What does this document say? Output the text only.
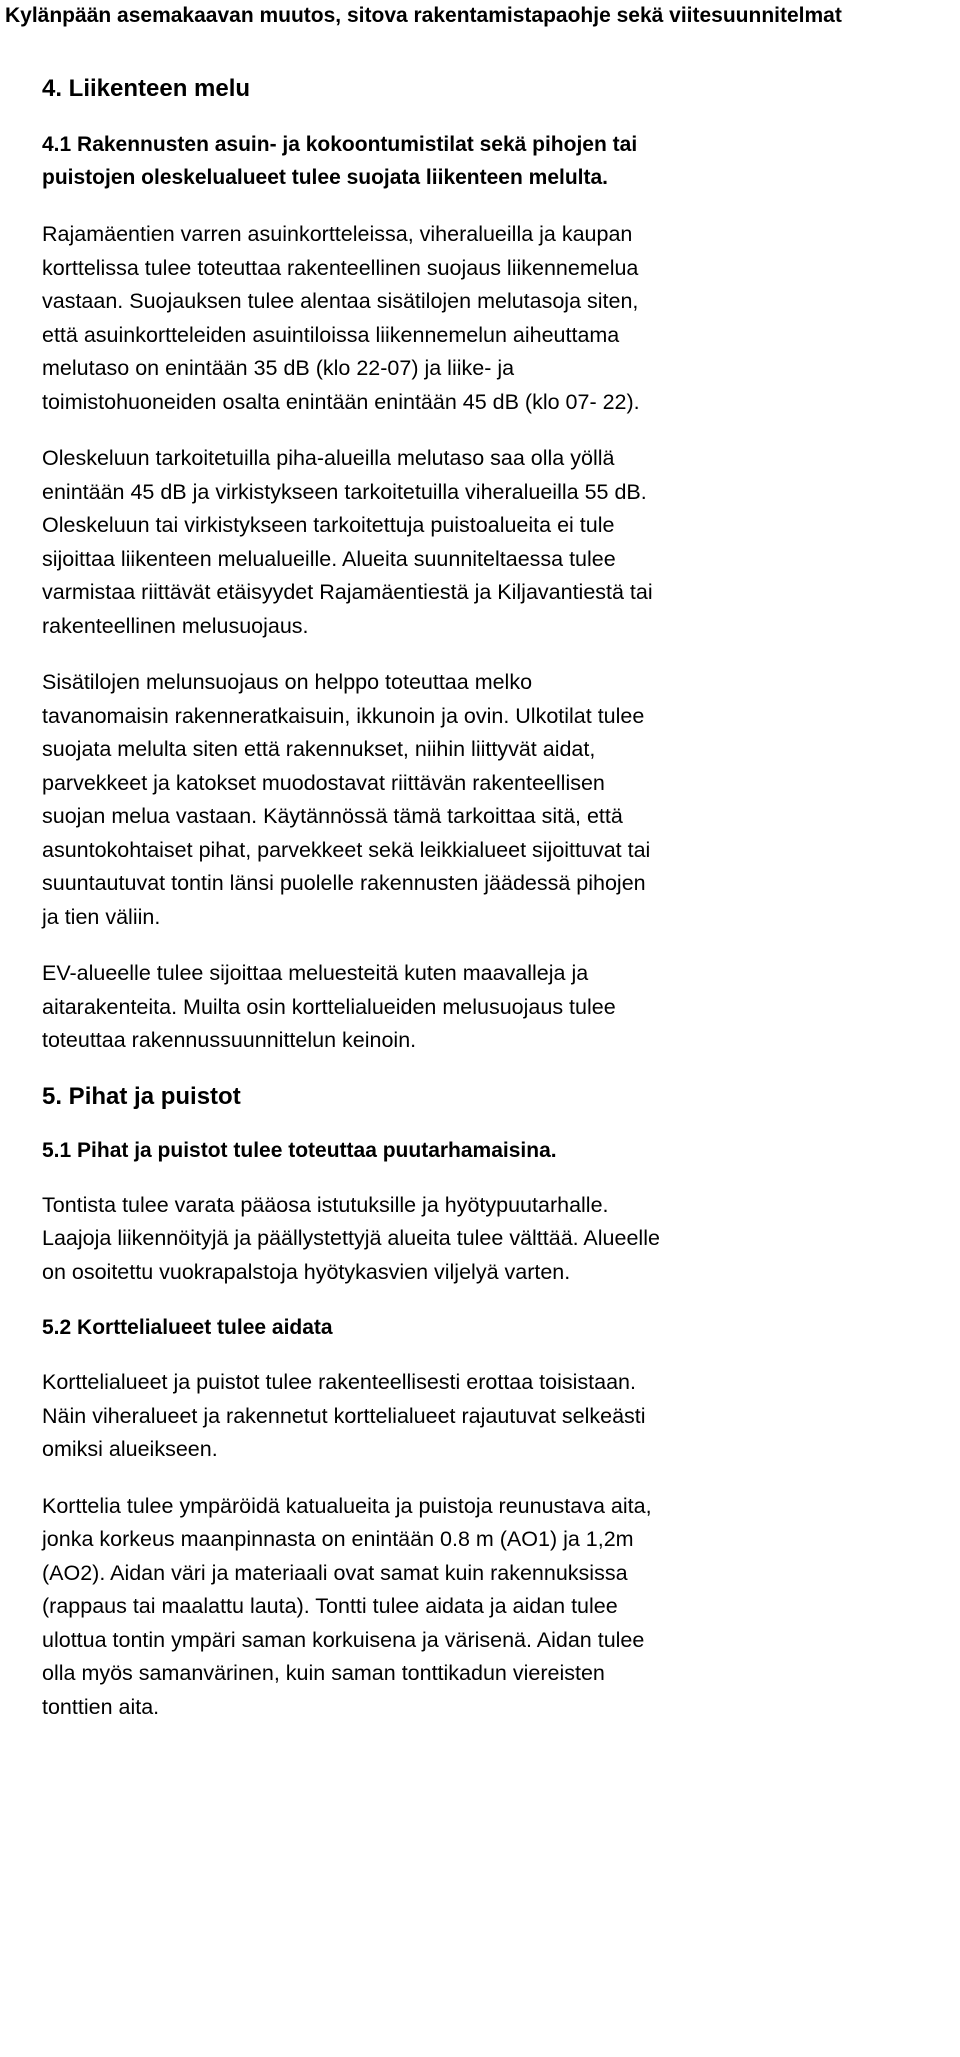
Kylänpään asemakaavan muutos, sitova rakentamistapaohje sekä viitesuunnitelmat
4. Liikenteen melu
4.1 Rakennusten asuin- ja kokoontumistilat sekä pihojen tai puistojen oleskelualueet tulee suojata liikenteen melulta.

Rajamäentien varren asuinkortteleissa, viheralueilla ja kaupan korttelissa tulee toteuttaa rakenteellinen suojaus liikennemelua vastaan. Suojauksen tulee alentaa sisätilojen melutasoja siten, että asuinkortteleiden asuintiloissa liikennemelun aiheuttama melutaso on enintään 35 dB (klo 22-07) ja liike- ja toimistohuoneiden osalta enintään enintään 45 dB (klo 07- 22).

Oleskeluun tarkoitetuilla piha-alueilla melutaso saa olla yöllä enintään 45 dB ja virkistykseen tarkoitetuilla viheralueilla 55 dB. Oleskeluun tai virkistykseen tarkoitettuja puistoalueita ei tule sijoittaa liikenteen melualueille. Alueita suunniteltaessa tulee varmistaa riittävät etäisyydet Rajamäentiestä ja Kiljavantiestä tai rakenteellinen melusuojaus.

Sisätilojen melunsuojaus on helppo toteuttaa melko tavanomaisin rakenneratkaisuin, ikkunoin ja ovin. Ulkotilat tulee suojata melulta siten että rakennukset, niihin liittyvät aidat, parvekkeet ja katokset muodostavat riittävän rakenteellisen suojan melua vastaan. Käytännössä tämä tarkoittaa sitä, että asuntokohtaiset pihat, parvekkeet sekä leikkialueet sijoittuvat tai suuntautuvat tontin länsi puolelle rakennusten jäädessä pihojen ja tien väliin.

EV-alueelle tulee sijoittaa meluesteitä kuten maavalleja ja aitarakenteita. Muilta osin korttelialueiden melusuojaus tulee toteuttaa rakennussuunnittelun keinoin.

5. Pihat ja puistot
5.1 Pihat ja puistot tulee toteuttaa puutarhamaisina.

Tontista tulee varata pääosa istutuksille ja hyötypuutarhalle. Laajoja liikennöityjä ja päällystettyjä alueita tulee välttää. Alueelle on osoitettu vuokrapalstoja hyötykasvien viljelyä varten.

5.2 Korttelialueet tulee aidata

Korttelialueet ja puistot tulee rakenteellisesti erottaa toisistaan. Näin viheralueet ja rakennetut korttelialueet rajautuvat selkeästi omiksi alueikseen.

Korttelia tulee ympäröidä katualueita ja puistoja reunustava aita, jonka korkeus maanpinnasta on enintään 0.8 m (AO1) ja 1,2m (AO2). Aidan väri ja materiaali ovat samat kuin rakennuksissa (rappaus tai maalattu lauta). Tontti tulee aidata ja aidan tulee ulottua tontin ympäri saman korkuisena ja värisenä. Aidan tulee olla myös samanvärinen, kuin saman tonttikadun viereisten tonttien aita.
